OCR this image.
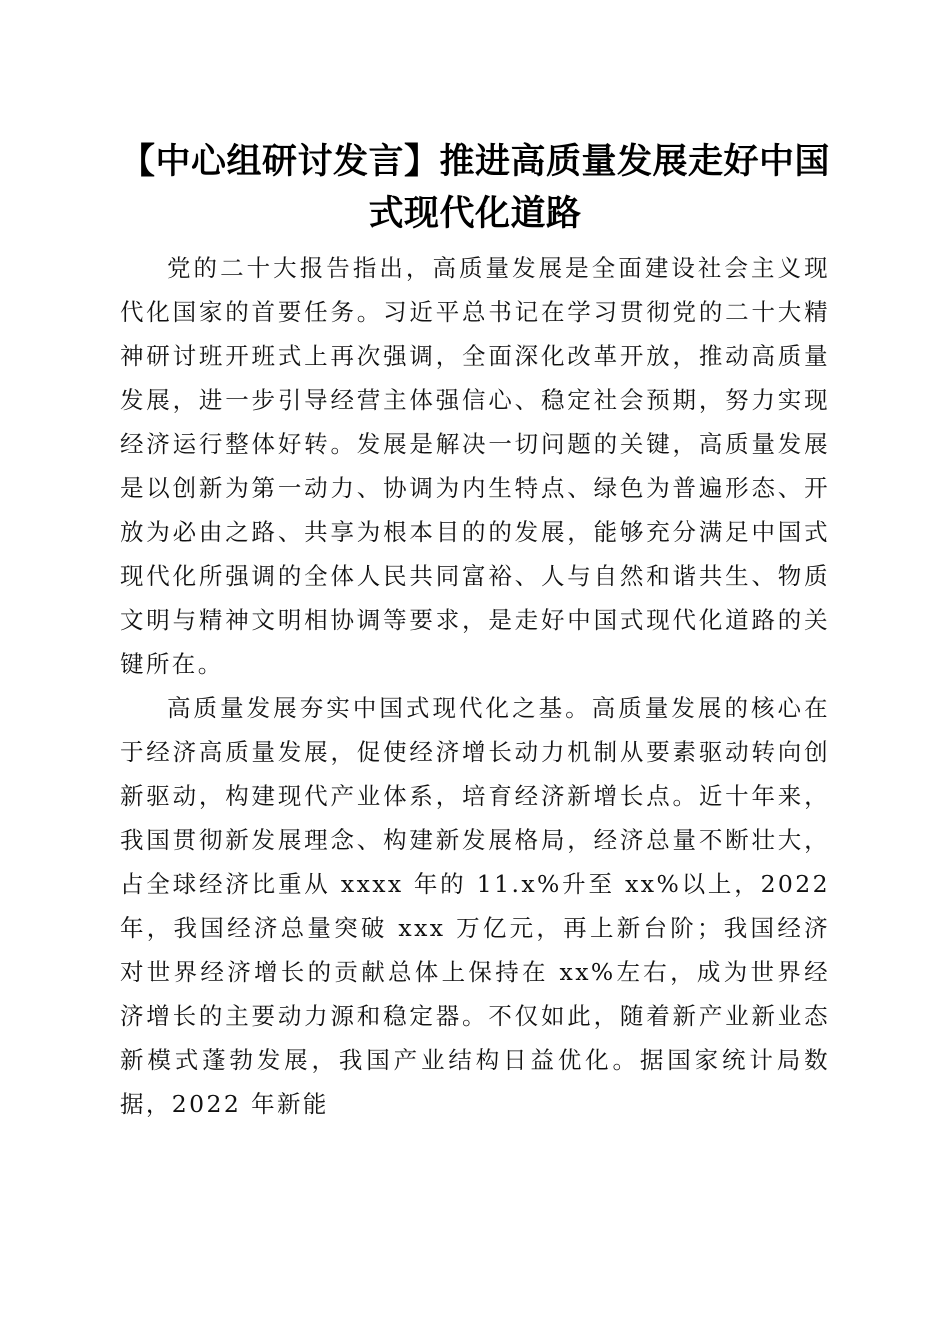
【中心组研讨发言】推进高质量发展走好中国式现代化道路

党的二十大报告指出，高质量发展是全面建设社会主义现代化国家的首要任务。习近平总书记在学习贯彻党的二十大精神研讨班开班式上再次强调，全面深化改革开放，推动高质量发展，进一步引导经营主体强信心、稳定社会预期，努力实现经济运行整体好转。发展是解决一切问题的关键，高质量发展是以创新为第一动力、协调为内生特点、绿色为普遍形态、开放为必由之路、共享为根本目的的发展，能够充分满足中国式现代化所强调的全体人民共同富裕、人与自然和谐共生、物质文明与精神文明相协调等要求，是走好中国式现代化道路的关键所在。

高质量发展夯实中国式现代化之基。高质量发展的核心在于经济高质量发展，促使经济增长动力机制从要素驱动转向创新驱动，构建现代产业体系，培育经济新增长点。近十年来，我国贯彻新发展理念、构建新发展格局，经济总量不断壮大，占全球经济比重从 xxxx 年的 11.x%升至 xx%以上，2022 年，我国经济总量突破 xxx 万亿元，再上新台阶；我国经济对世界经济增长的贡献总体上保持在 xx%左右，成为世界经济增长的主要动力源和稳定器。不仅如此，随着新产业新业态新模式蓬勃发展，我国产业结构日益优化。据国家统计局数据，2022 年新能
